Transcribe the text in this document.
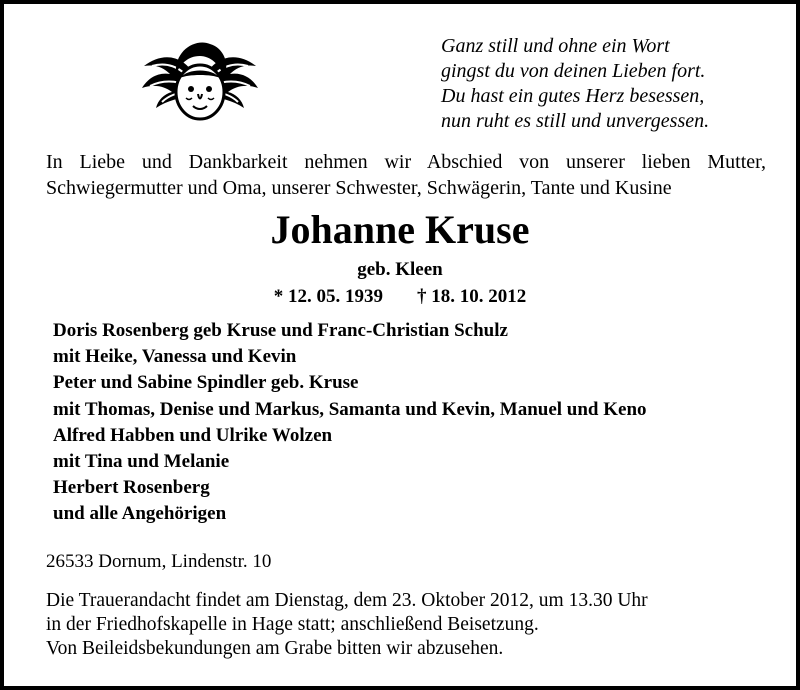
Ganz still und ohne ein Wort
gingst du von deinen Lieben fort.
Du hast ein gutes Herz besessen,
nun ruht es still und unvergessen.
In Liebe und Dankbarkeit nehmen wir Abschied von unserer lieben Mutter,
Schwiegermutter und Oma, unserer Schwester, Schwägerin, Tante und Kusine
Johanne Kruse
geb. Kleen
* 12. 05. 1939 † 18. 10. 2012
Doris Rosenberg geb Kruse und Franc-Christian Schulz
mit Heike, Vanessa und Kevin
Peter und Sabine Spindler geb. Kruse
mit Thomas, Denise und Markus, Samanta und Kevin, Manuel und Keno
Alfred Habben und Ulrike Wolzen
mit Tina und Melanie
Herbert Rosenberg
und alle Angehörigen
26533 Dornum, Lindenstr. 10
Die Trauerandacht findet am Dienstag, dem 23. Oktober 2012, um 13.30 Uhr
in der Friedhofskapelle in Hage statt; anschließend Beisetzung.
Von Beileidsbekundungen am Grabe bitten wir abzusehen.
